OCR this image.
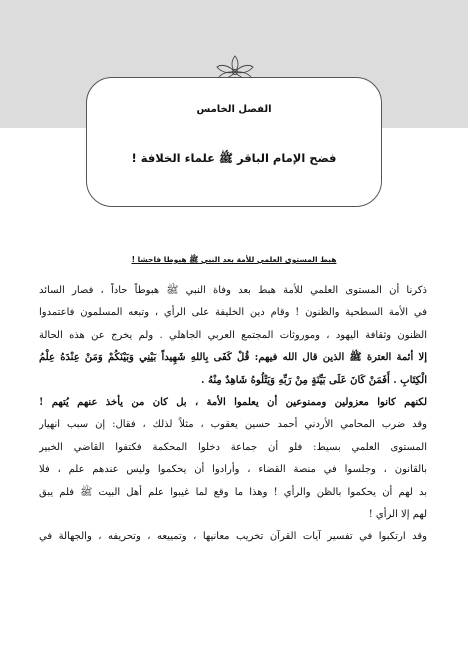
الفصل الخامس
فضح الإمام الباقر ﷺ علماء الخلافة !
هبط المستوى العلمي للأمة بعد النبي ﷺ هبوطا فاحشا !
ذكرنا أن المستوى العلمي للأمة هبط بعد وفاة النبي ﷺ هبوطاً حاداً ، فصار السائد
في الأمة السطحية والظنون ! وقام دين الخليفة على الرأي ، وتبعه المسلمون فاعتمدوا
الظنون وثقافة اليهود ، وموروثات المجتمع العربي الجاهلي . ولم يخرج عن هذه الحالة
إلا أئمة العترة ﷺ الذين قال الله فيهم: قُلْ كَفَى بِاللهِ شَهِيداً بَيْنِي وَبَيْنَكُمْ وَمَنْ عِنْدَهُ عِلْمُ
الْكِتَابِ . أَفَمَنْ كَانَ عَلَى بَيِّنَةٍ مِنْ رَبِّهِ وَيَتْلُوهُ شَاهِدٌ مِنْهُ .
لكنهم كانوا معزولين وممنوعين أن يعلموا الأمة ، بل كان من يأخذ عنهم يُتهم !
وقد ضرب المحامي الأردني أحمد حسين يعقوب ، مثلاً لذلك ، فقال: إن سبب انهيار
المستوى العلمي بسيط: فلو أن جماعة دخلوا المحكمة فكتفوا القاضي الخبير
بالقانون ، وجلسوا في منصة القضاء ، وأرادوا أن يحكموا وليس عندهم علم ، فلا
بد لهم أن يحكموا بالظن والرأي ! وهذا ما وقع لما غيبوا علم أهل البيت ﷺ فلم يبق
لهم إلا الرأي !
وقد ارتكبوا في تفسير آيات القرآن تخريب معانيها ، وتمييعه ، وتحريفه ، والجهالة في
